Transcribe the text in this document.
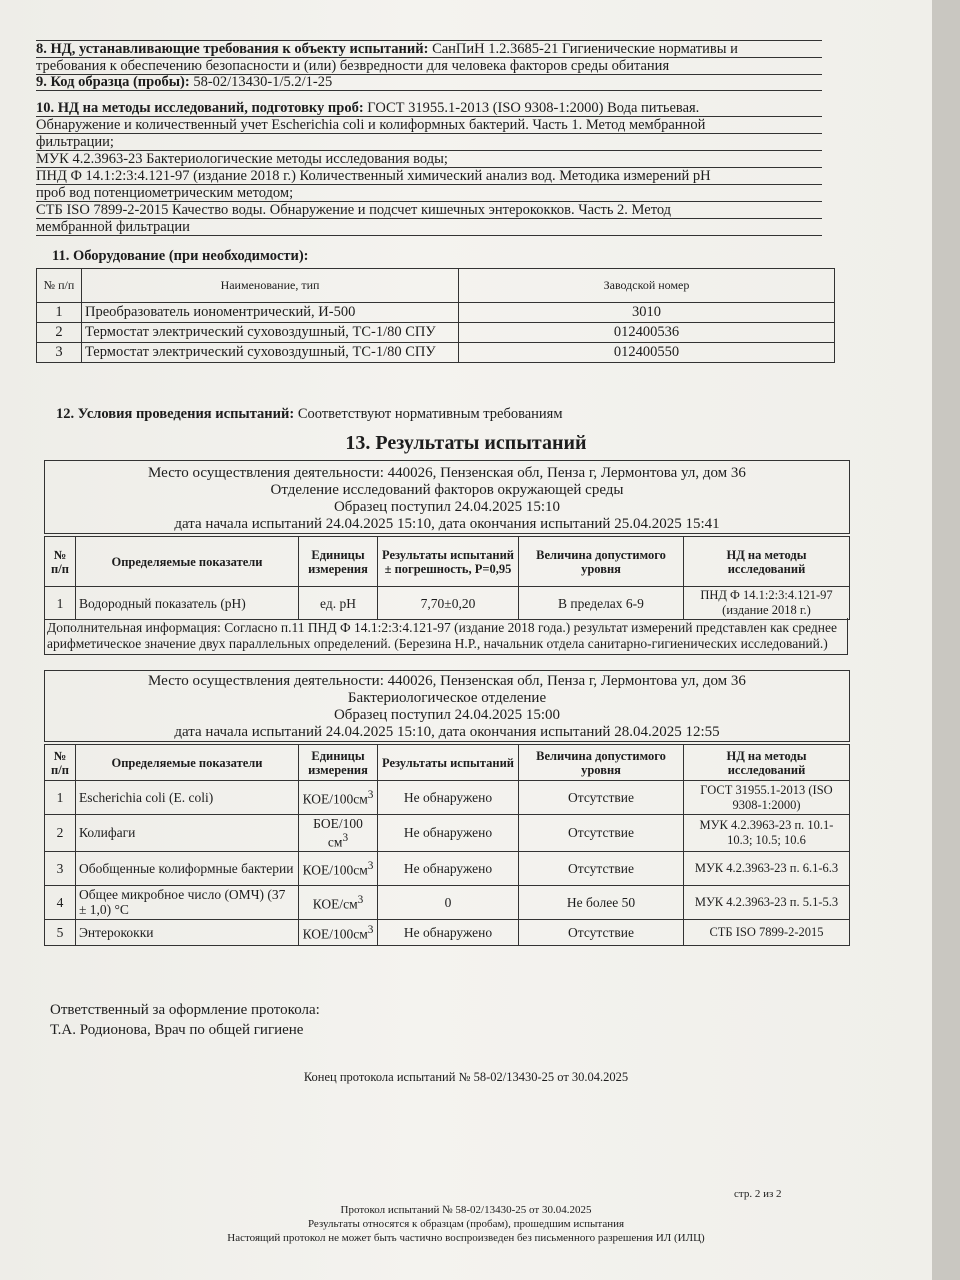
8. НД, устанавливающие требования к объекту испытаний: СанПиН 1.2.3685-21 Гигиенические нормативы и
требования к обеспечению безопасности и (или) безвредности для человека факторов среды обитания
9. Код образца (пробы): 58-02/13430-1/5.2/1-25
10. НД на методы исследований, подготовку проб: ГОСТ 31955.1-2013 (ISO 9308-1:2000) Вода питьевая.
Обнаружение и количественный учет Escherichia coli и колиформных бактерий. Часть 1. Метод мембранной
фильтрации;
МУК 4.2.3963-23 Бактериологические методы исследования воды;
ПНД Ф 14.1:2:3:4.121-97 (издание 2018 г.) Количественный химический анализ вод. Методика измерений pH
проб вод потенциометрическим методом;
СТБ ISO 7899-2-2015 Качество воды. Обнаружение и подсчет кишечных энтерококков. Часть 2. Метод
мембранной фильтрации
11. Оборудование (при необходимости):
№ п/п	Наименование, тип	Заводской номер
1	Преобразователь иономентрический, И-500	3010
2	Термостат электрический суховоздушный, ТС-1/80 СПУ	012400536
3	Термостат электрический суховоздушный, ТС-1/80 СПУ	012400550
12. Условия проведения испытаний: Соответствуют нормативным требованиям
13. Результаты испытаний
Место осуществления деятельности: 440026, Пензенская обл, Пенза г, Лермонтова ул, дом 36
Отделение исследований факторов окружающей среды
Образец поступил 24.04.2025 15:10
дата начала испытаний 24.04.2025 15:10, дата окончания испытаний 25.04.2025 15:41
№ п/п	Определяемые показатели	Единицы измерения	Результаты испытаний ± погрешность, Р=0,95	Величина допустимого уровня	НД на методы исследований
1	Водородный показатель (pH)	ед. pH	7,70±0,20	В пределах 6-9	ПНД Ф 14.1:2:3:4.121-97 (издание 2018 г.)
Дополнительная информация: Согласно п.11 ПНД Ф 14.1:2:3:4.121-97 (издание 2018 года.) результат измерений представлен как среднее арифметическое значение двух параллельных определений. (Березина Н.Р., начальник отдела санитарно-гигиенических исследований.)
Место осуществления деятельности: 440026, Пензенская обл, Пенза г, Лермонтова ул, дом 36
Бактериологическое отделение
Образец поступил 24.04.2025 15:00
дата начала испытаний 24.04.2025 15:10, дата окончания испытаний 28.04.2025 12:55
№ п/п	Определяемые показатели	Единицы измерения	Результаты испытаний	Величина допустимого уровня	НД на методы исследований
1	Escherichia coli (E. coli)	КОЕ/$100см^3$	Не обнаружено	Отсутствие	ГОСТ 31955.1-2013 (ISO 9308-1:2000)
2	Колифаги	БОЕ/100 $см^3$	Не обнаружено	Отсутствие	МУК 4.2.3963-23 п. 10.1-10.3; 10.5; 10.6
3	Обобщенные колиформные бактерии	КОЕ/$100см^3$	Не обнаружено	Отсутствие	МУК 4.2.3963-23 п. 6.1-6.3
4	Общее микробное число (ОМЧ) (37 ± 1,0) °С	КОЕ/$см^3$	0	Не более 50	МУК 4.2.3963-23 п. 5.1-5.3
5	Энтерококки	КОЕ/$100см^3$	Не обнаружено	Отсутствие	СТБ ISO 7899-2-2015
Ответственный за оформление протокола:
Т.А. Родионова, Врач по общей гигиене
Конец протокола испытаний № 58-02/13430-25 от 30.04.2025
стр. 2 из 2
Протокол испытаний № 58-02/13430-25 от 30.04.2025
Результаты относятся к образцам (пробам), прошедшим испытания
Настоящий протокол не может быть частично воспроизведен без письменного разрешения ИЛ (ИЛЦ)
